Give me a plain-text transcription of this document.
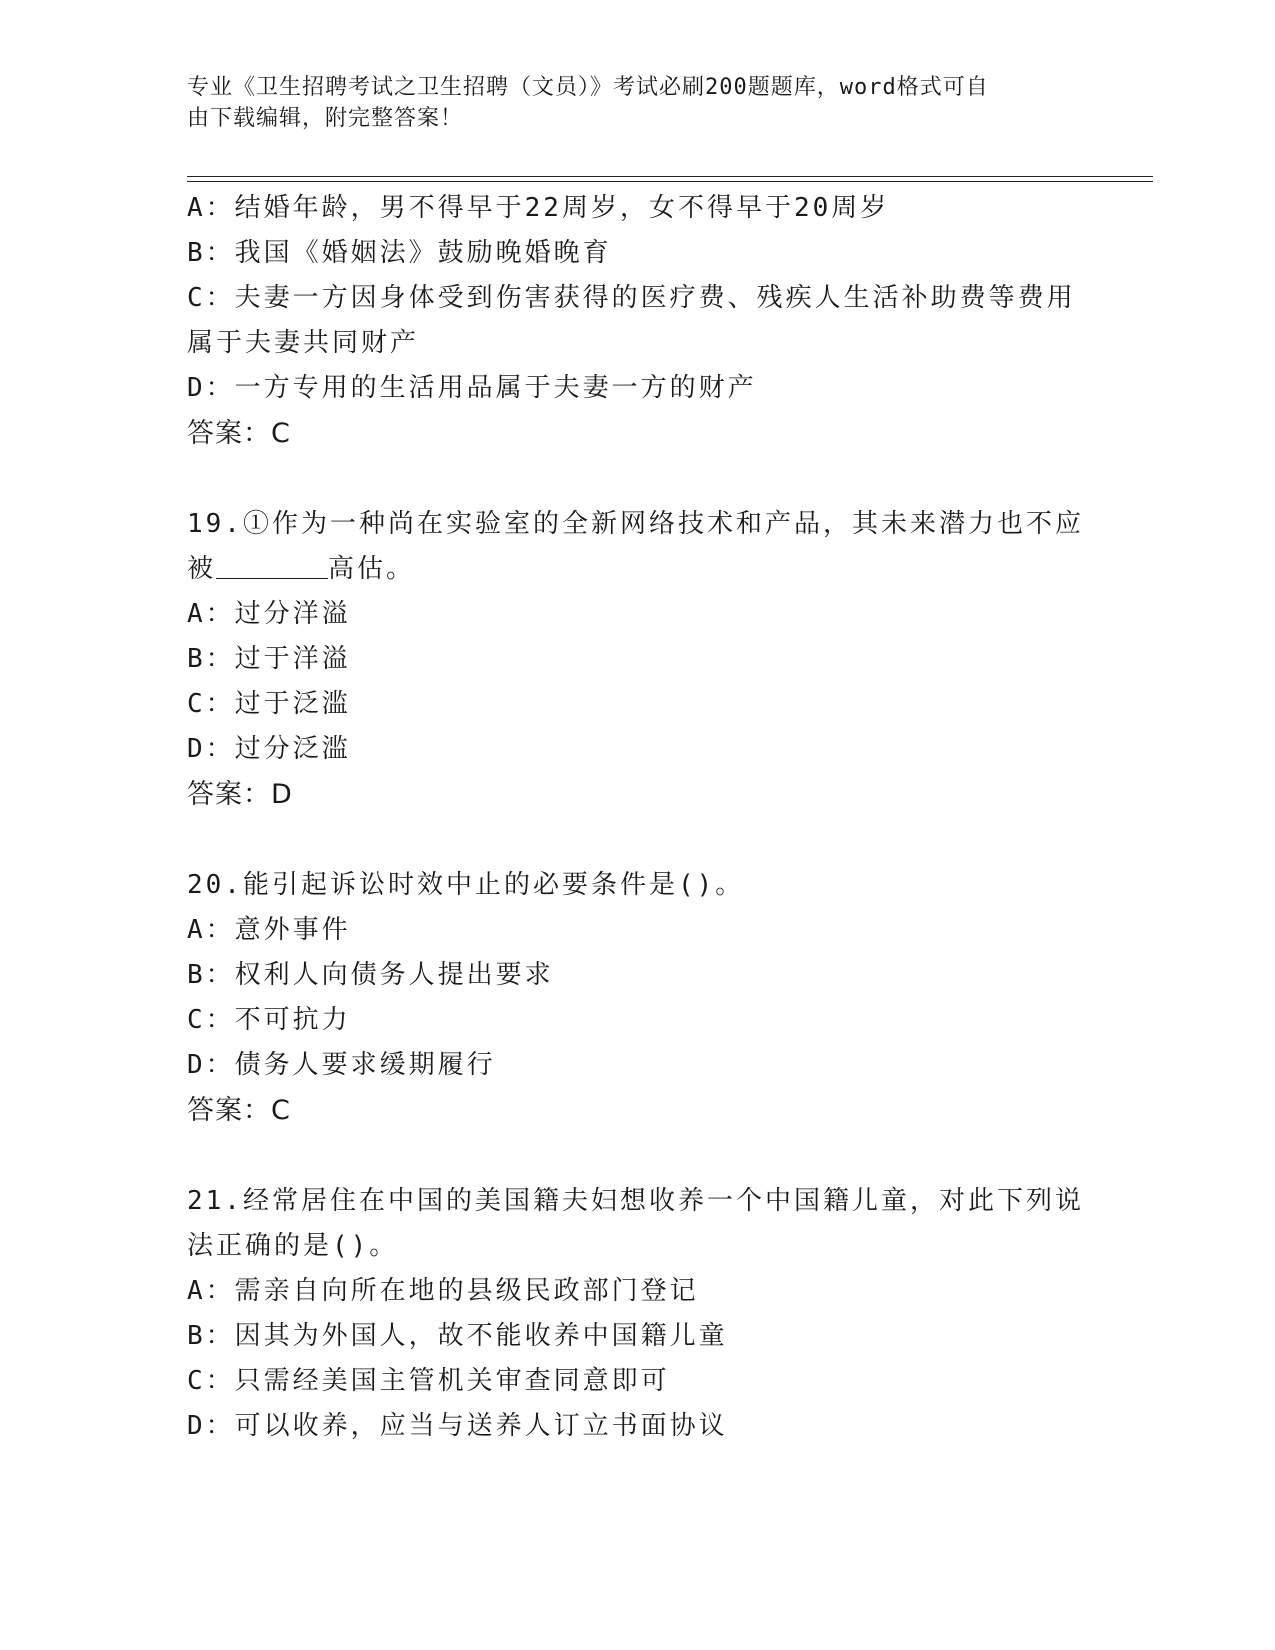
专业《卫生招聘考试之卫生招聘（文员）》考试必刷200题题库，word格式可自
由下载编辑，附完整答案！
A：结婚年龄，男不得早于22周岁，女不得早于20周岁
B：我国《婚姻法》鼓励晚婚晚育
C：夫妻一方因身体受到伤害获得的医疗费、残疾人生活补助费等费用
属于夫妻共同财产
D：一方专用的生活用品属于夫妻一方的财产
答案：C
19.①作为一种尚在实验室的全新网络技术和产品，其未来潜力也不应
被	高估。
A：过分洋溢
B：过于洋溢
C：过于泛滥
D：过分泛滥
答案：D
20.能引起诉讼时效中止的必要条件是()。
A：意外事件
B：权利人向债务人提出要求
C：不可抗力
D：债务人要求缓期履行
答案：C
21.经常居住在中国的美国籍夫妇想收养一个中国籍儿童，对此下列说
法正确的是()。
A：需亲自向所在地的县级民政部门登记
B：因其为外国人，故不能收养中国籍儿童
C：只需经美国主管机关审查同意即可
D：可以收养，应当与送养人订立书面协议
